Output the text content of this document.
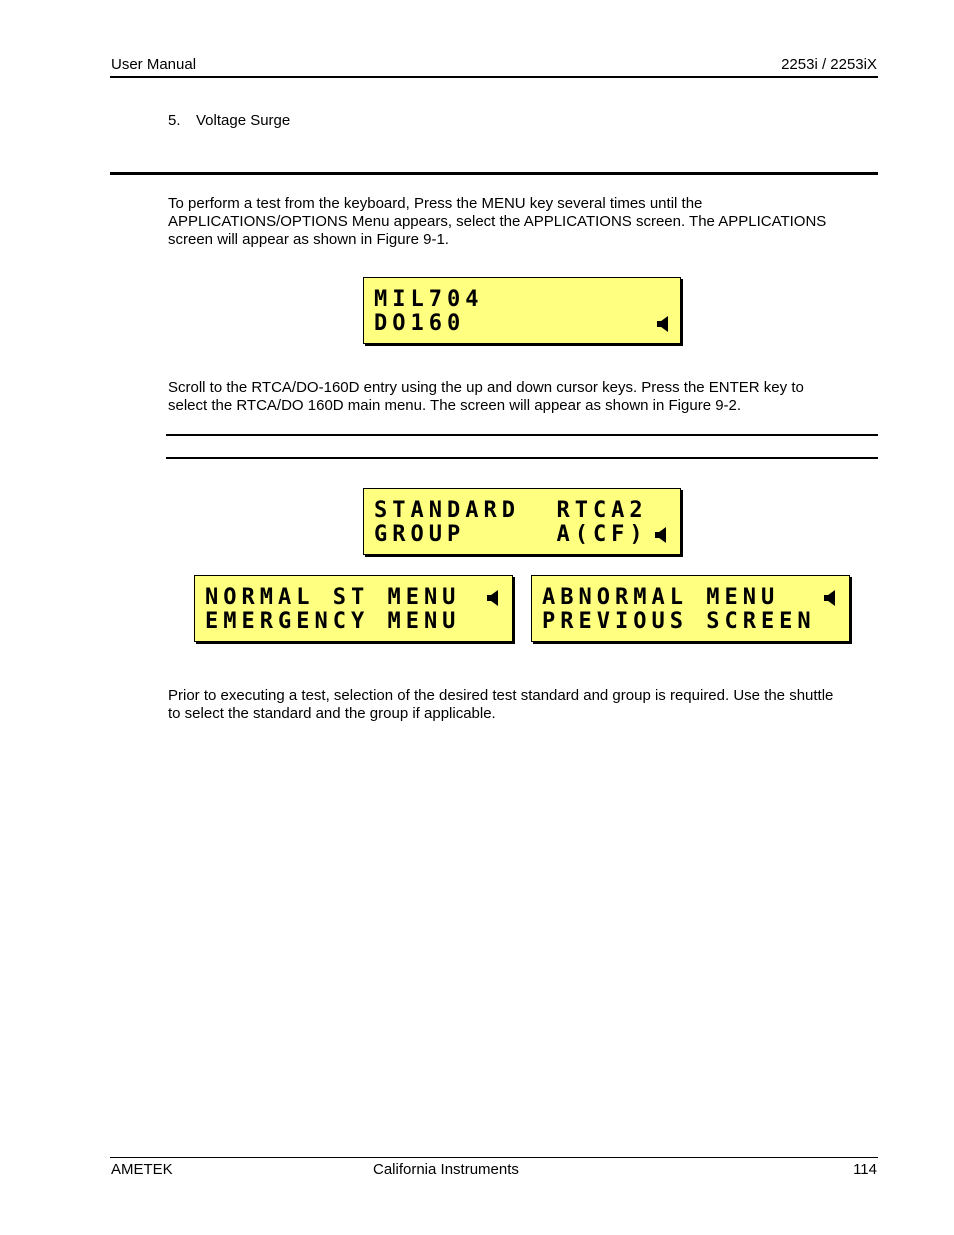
User Manual	2253i / 2253iX
5. Voltage Surge
To perform a test from the keyboard, Press the MENU key several times until the
APPLICATIONS/OPTIONS Menu appears, select the APPLICATIONS screen. The APPLICATIONS
screen will appear as shown in Figure 9-1.
MIL704
DO160
Scroll to the RTCA/DO-160D entry using the up and down cursor keys. Press the ENTER key to
select the RTCA/DO 160D main menu. The screen will appear as shown in Figure 9-2.
STANDARD  RTCA2
GROUP     A(CF)
NORMAL ST MENU
EMERGENCY MENU
ABNORMAL MENU
PREVIOUS SCREEN
Prior to executing a test, selection of the desired test standard and group is required. Use the shuttle
to select the standard and the group if applicable.
AMETEK	California Instruments	114
